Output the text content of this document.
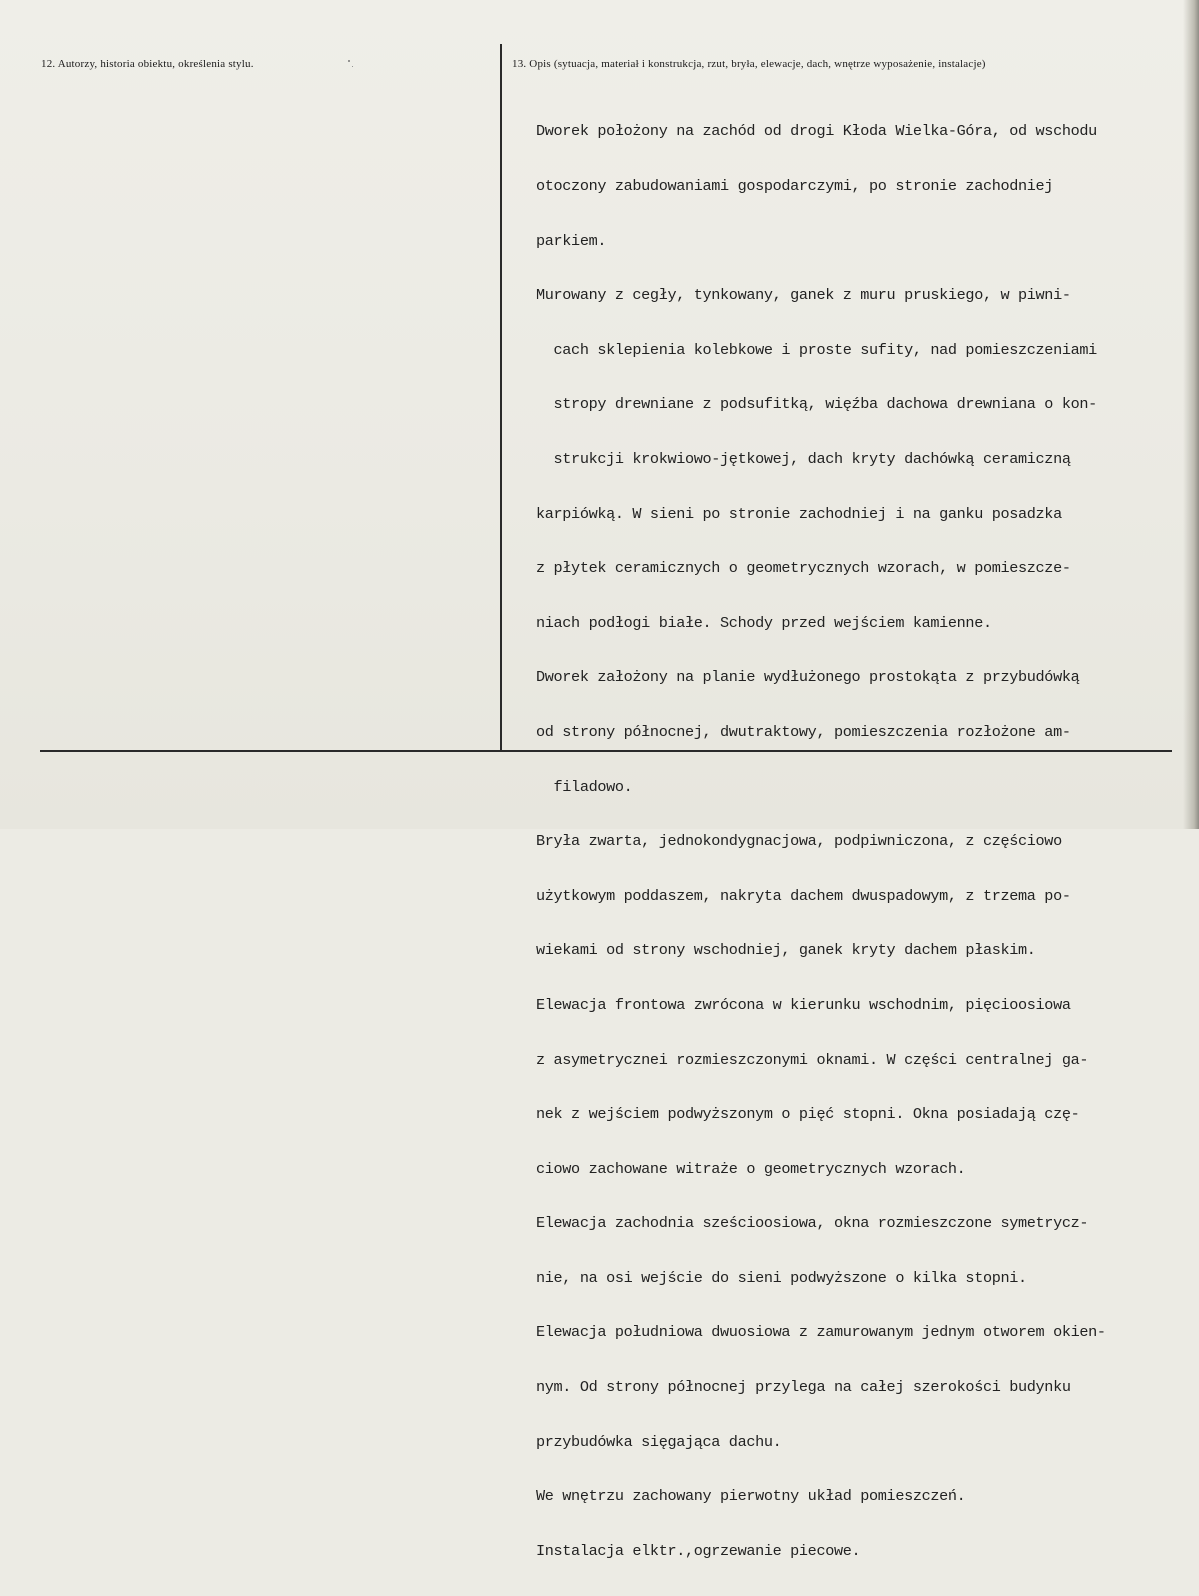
12. Autorzy, historia obiektu, określenia stylu.	13. Opis (sytuacja, materiał i konstrukcja, rzut, bryła, elewacje, dach, wnętrze wyposażenie, instalacje)

Dworek położony na zachód od drogi Kłoda Wielka-Góra, od wschodu

otoczony zabudowaniami gospodarczymi, po stronie zachodniej

parkiem.

Murowany z cegły, tynkowany, ganek z muru pruskiego, w piwni-

cach sklepienia kolebkowe i proste sufity, nad pomieszczeniami

stropy drewniane z podsufitką, więźba dachowa drewniana o kon-

strukcji krokwiowo-jętkowej, dach kryty dachówką ceramiczną

karpiówką. W sieni po stronie zachodniej i na ganku posadzka

z płytek ceramicznych o geometrycznych wzorach, w pomieszcze-

niach podłogi białe. Schody przed wejściem kamienne.

Dworek założony na planie wydłużonego prostokąta z przybudówką

od strony północnej, dwutraktowy, pomieszczenia rozłożone am-

filadowo.

Bryła zwarta, jednokondygnacjowa, podpiwniczona, z częściowo

użytkowym poddaszem, nakryta dachem dwuspadowym, z trzema po-

wiekami od strony wschodniej, ganek kryty dachem płaskim.

Elewacja frontowa zwrócona w kierunku wschodnim, pięcioosiowa

z asymetrycznei rozmieszczonymi oknami. W części centralnej ga-

nek z wejściem podwyższonym o pięć stopni. Okna posiadają czę-

ciowo zachowane witraże o geometrycznych wzorach.

Elewacja zachodnia sześcioosiowa, okna rozmieszczone symetrycz-

nie, na osi wejście do sieni podwyższone o kilka stopni.

Elewacja południowa dwuosiowa z zamurowanym jednym otworem okien-

nym. Od strony północnej przylega na całej szerokości budynku

przybudówka sięgająca dachu.

We wnętrzu zachowany pierwotny układ pomieszczeń.

Instalacja elktr.,ogrzewanie piecowe.
